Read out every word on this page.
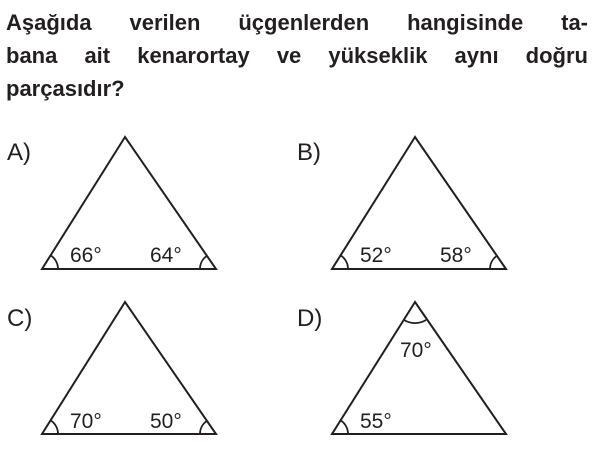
Aşağıda verilen üçgenlerden hangisinde ta-
bana ait kenarortay ve yükseklik aynı doğru
parçasıdır?

A)
66° 64°
B)
52° 58°
C)
70° 50°
D)
70°
55°
